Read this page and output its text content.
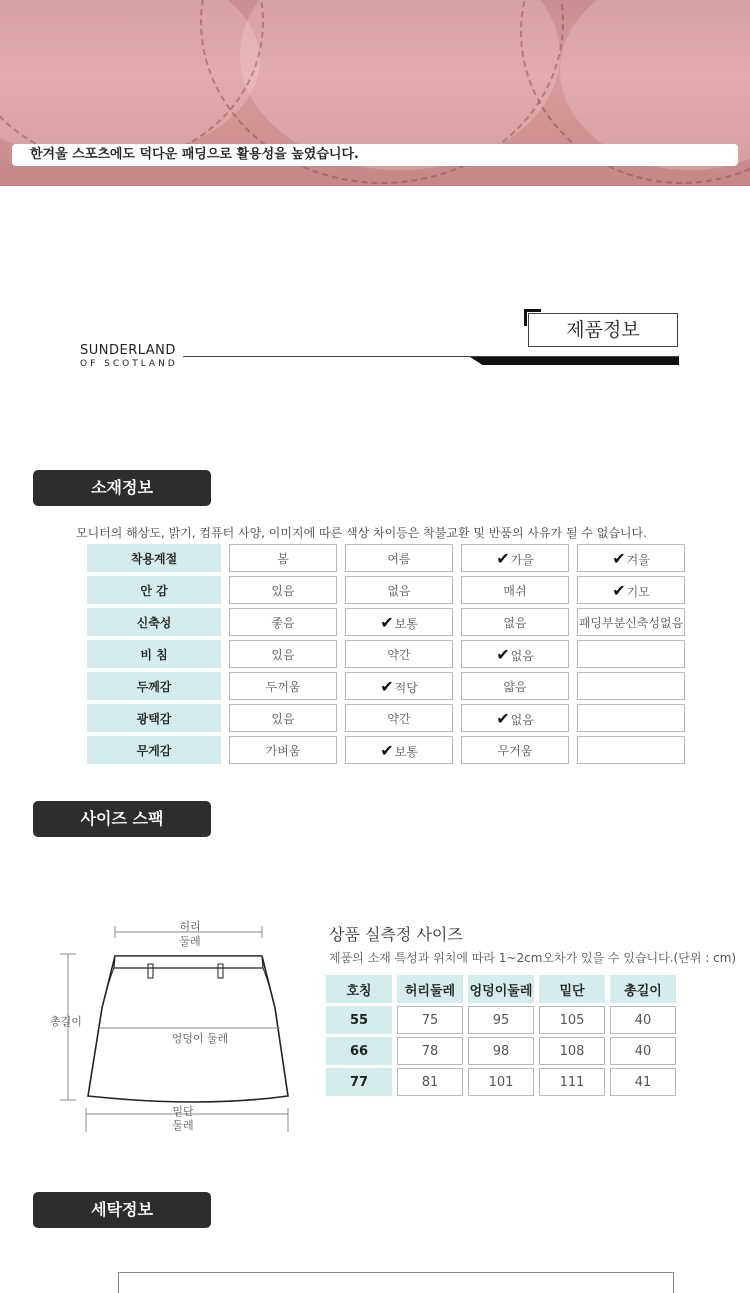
한겨울 스포츠에도 덕다운 패딩으로 활용성을 높였습니다.
SUNDERLAND
OF SCOTLAND
제품정보
소재정보
모니터의 해상도, 밝기, 컴퓨터 사양, 이미지에 따른 색상 차이등은 착불교환 및 반품의 사유가 될 수 없습니다.
착용계절	봄	여름	✔가을	✔겨울
안 감	있음	없음	매쉬	✔기모
신축성	좋음	✔보통	없음	패딩부분신축성없음
비 침	있음	약간	✔없음	
두께감	두꺼움	✔적당	얇음	
광택감	있음	약간	✔없음	
무게감	가벼움	✔보통	무거움	
사이즈 스팩
허리
둘레
엉덩이 둘레
총길이
밑단
둘레
상품 실측정 사이즈
제품의 소재 특성과 위치에 따라 1~2cm오차가 있을 수 있습니다.(단위 : cm)
호칭	허리둘레	엉덩이둘레	밑단	총길이
55	75	95	105	40
66	78	98	108	40
77	81	101	111	41
세탁정보
